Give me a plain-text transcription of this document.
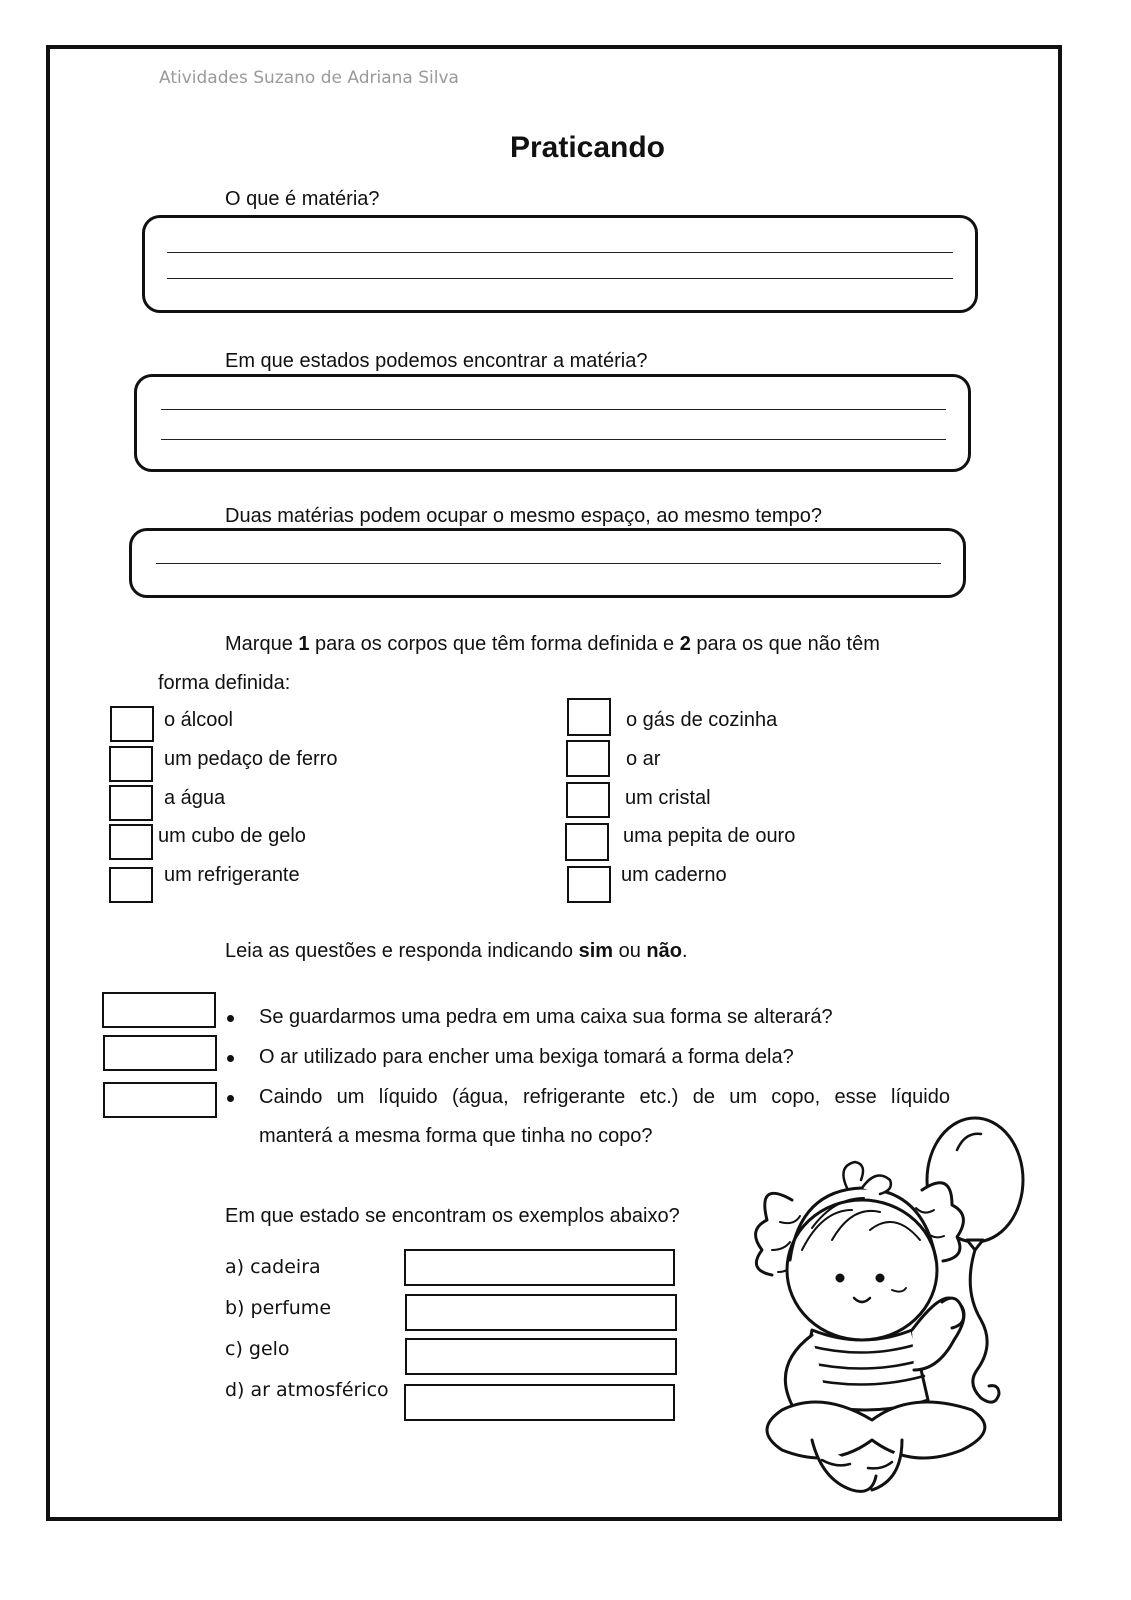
Atividades Suzano de Adriana Silva
Praticando
O que é matéria?
Em que estados podemos encontrar a matéria?
Duas matérias podem ocupar o mesmo espaço, ao mesmo tempo?
Marque 1 para os corpos que têm forma definida e 2 para os que não têm
forma definida:
o álcool
um pedaço de ferro
a água
um cubo de gelo
um refrigerante
o gás de cozinha
o ar
um cristal
uma pepita de ouro
um caderno
Leia as questões e responda indicando sim ou não.
Se guardarmos uma pedra em uma caixa sua forma se alterará?
O ar utilizado para encher uma bexiga tomará a forma dela?
Caindo um líquido (água, refrigerante etc.) de um copo, esse líquido
manterá a mesma forma que tinha no copo?
Em que estado se encontram os exemplos abaixo?
a) cadeira
b) perfume
c) gelo
d) ar atmosférico
